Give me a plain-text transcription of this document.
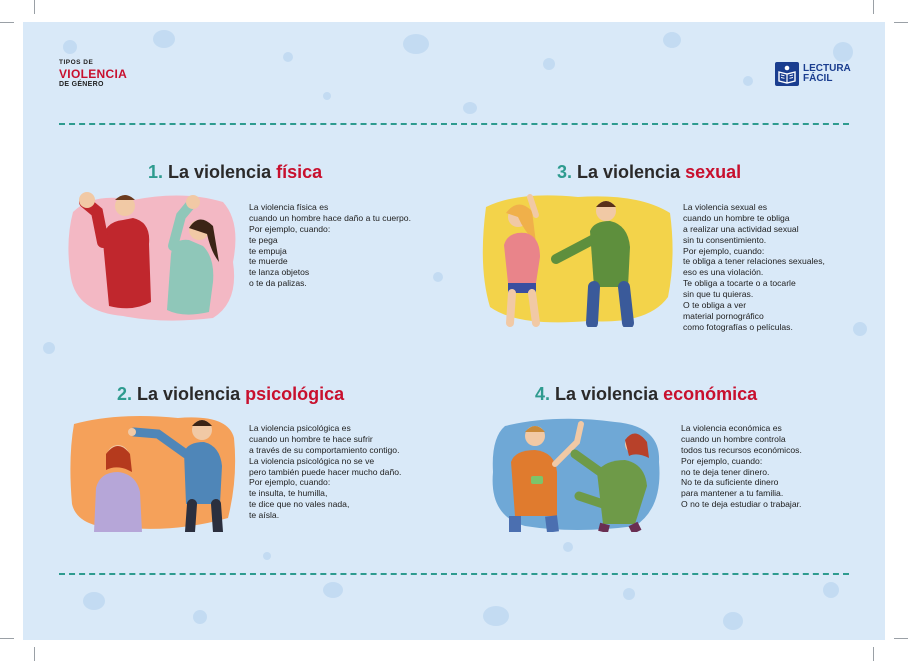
TIPOS DE
VIOLENCIA
DE GÉNERO
LECTURA
FÁCIL
1. La violencia física
La violencia física es
cuando un hombre hace daño a tu cuerpo.
Por ejemplo, cuando:
te pega
te empuja
te muerde
te lanza objetos
o te da palizas.
3. La violencia sexual
La violencia sexual es
cuando un hombre te obliga
a realizar una actividad sexual
sin tu consentimiento.
Por ejemplo, cuando:
te obliga a tener relaciones sexuales,
eso es una violación.
Te obliga a tocarte o a tocarle
sin que tu quieras.
O te obliga a ver
material pornográfico
como fotografías o películas.
2. La violencia psicológica
La violencia psicológica es
cuando un hombre te hace sufrir
a través de su comportamiento contigo.
La violencia psicológica no se ve
pero también puede hacer mucho daño.
Por ejemplo, cuando:
te insulta, te humilla,
te dice que no vales nada,
te aísla.
4. La violencia económica
La violencia económica es
cuando un hombre controla
todos tus recursos económicos.
Por ejemplo, cuando:
no te deja tener dinero.
No te da suficiente dinero
para mantener a tu familia.
O no te deja estudiar o trabajar.
